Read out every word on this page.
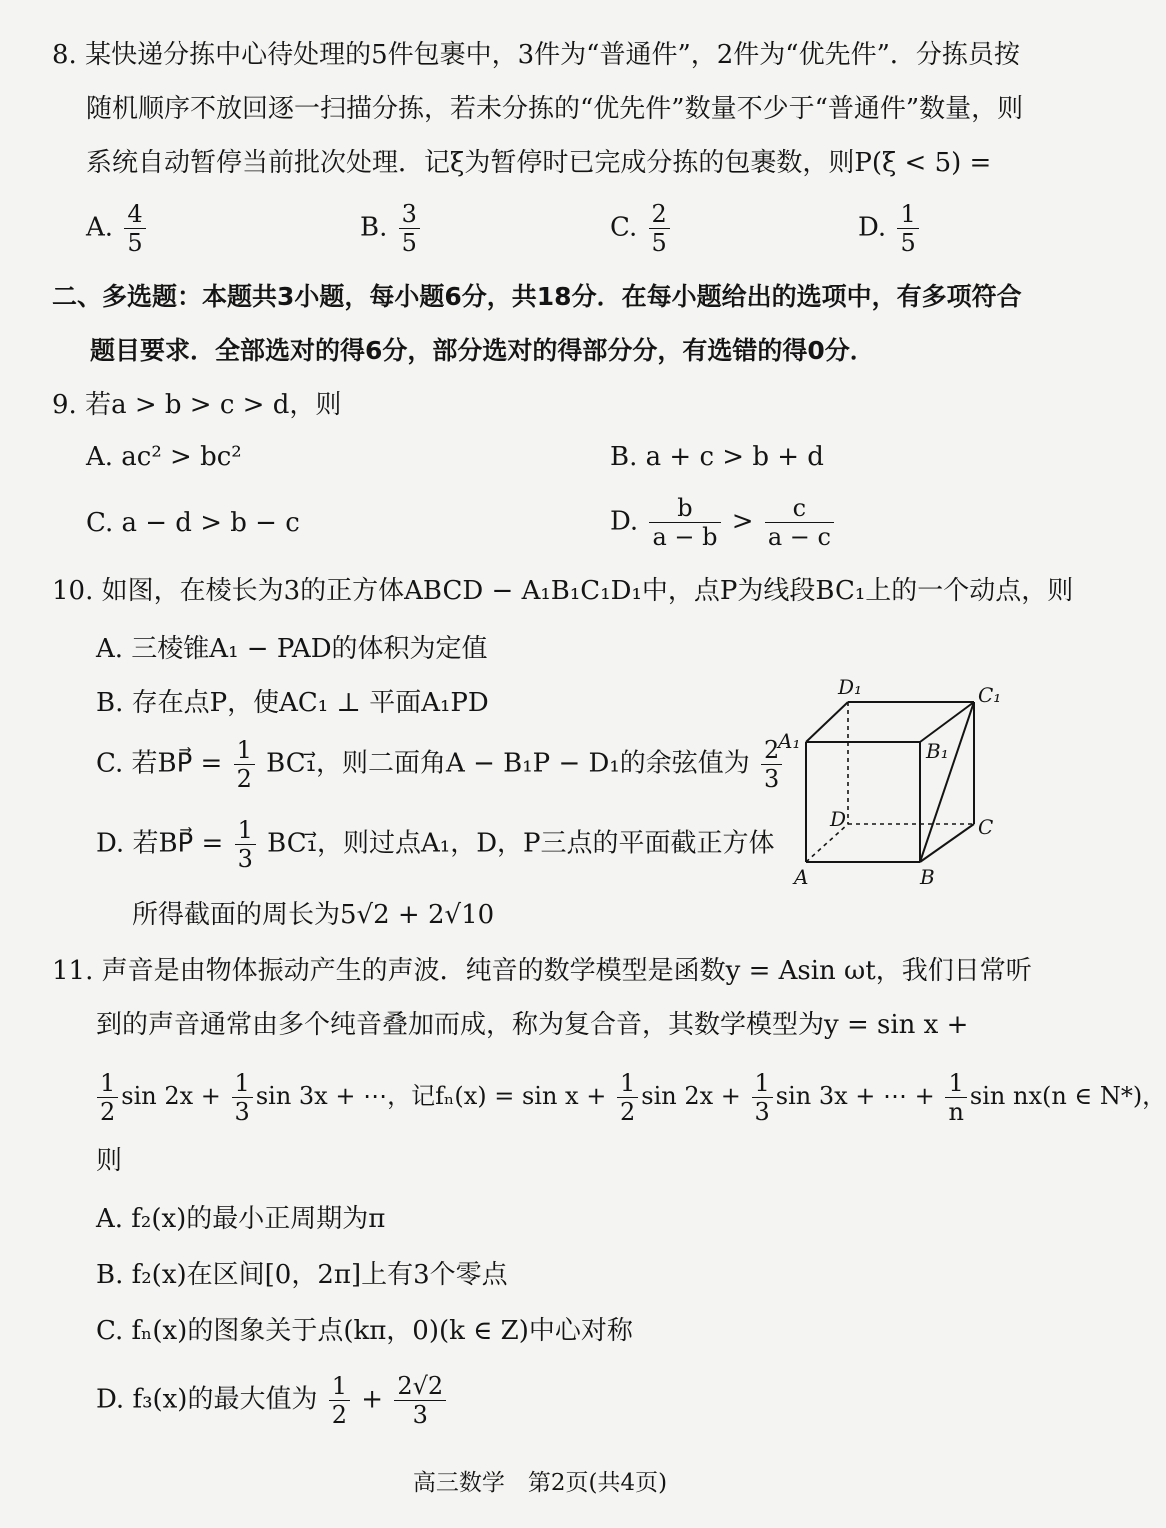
8. 某快递分拣中心待处理的5件包裹中，3件为“普通件”，2件为“优先件”．分拣员按
随机顺序不放回逐一扫描分拣，若未分拣的“优先件”数量不少于“普通件”数量，则
系统自动暂停当前批次处理．记ξ为暂停时已完成分拣的包裹数，则P(ξ < 5) =
A. $\frac{4}{5}$	B. $\frac{3}{5}$	C. $\frac{2}{5}$	D. $\frac{1}{5}$
二、多选题：本题共3小题，每小题6分，共18分．在每小题给出的选项中，有多项符合
题目要求．全部选对的得6分，部分选对的得部分分，有选错的得0分．
9. 若a > b > c > d，则
A. ac² > bc²	B. a + c > b + d
C. a − d > b − c	D. $\frac{b}{a - b} > \frac{c}{a - c}$
10. 如图，在棱长为3的正方体ABCD − A₁B₁C₁D₁中，点P为线段BC₁上的一个动点，则
A. 三棱锥A₁ − PAD的体积为定值
B. 存在点P，使AC₁ ⊥ 平面A₁PD
C. 若BP⃗ = $\frac{1}{2}$ BC₁⃗，则二面角A − B₁P − D₁的余弦值为 $\frac{2}{3}$
D. 若BP⃗ = $\frac{1}{3}$ BC₁⃗，则过点A₁，D，P三点的平面截正方体
所得截面的周长为5√2 + 2√10
D₁	C₁
A₁	B₁
D	C
A	B
11. 声音是由物体振动产生的声波．纯音的数学模型是函数y = Asin ωt，我们日常听
到的声音通常由多个纯音叠加而成，称为复合音，其数学模型为y = sin x +
$\frac{1}{2}$ $\sin 2x + \frac{1}{3}$ sin 3x + ⋯，记$f_n(x) = \sin x + \frac{1}{2}$ $\sin 2x + \frac{1}{3}$ sin 3x + ⋯ + $\frac{1}{n}$ sin nx(n ∈ N*)，
则
A. f₂(x)的最小正周期为π
B. f₂(x)在区间[0，2π]上有3个零点
C. fₙ(x)的图象关于点(kπ，0)(k ∈ Z)中心对称
D. f₃(x)的最大值为 $\frac{1}{2} + \frac{2√2}{3}$
高三数学　第2页(共4页)
